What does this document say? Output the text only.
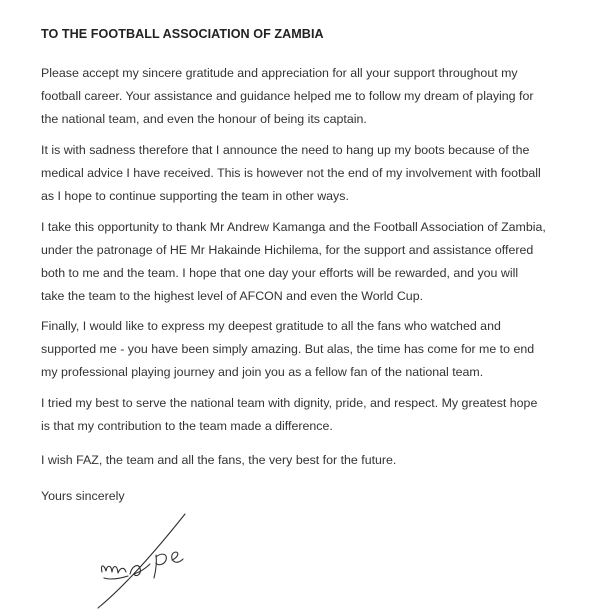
TO THE FOOTBALL ASSOCIATION OF ZAMBIA
Please accept my sincere gratitude and appreciation for all your support throughout my
football career. Your assistance and guidance helped me to follow my dream of playing for
the national team, and even the honour of being its captain.
It is with sadness therefore that I announce the need to hang up my boots because of the
medical advice I have received. This is however not the end of my involvement with football
as I hope to continue supporting the team in other ways.
I take this opportunity to thank Mr Andrew Kamanga and the Football Association of Zambia,
under the patronage of HE Mr Hakainde Hichilema, for the support and assistance offered
both to me and the team. I hope that one day your efforts will be rewarded, and you will
take the team to the highest level of AFCON and even the World Cup.
Finally, I would like to express my deepest gratitude to all the fans who watched and
supported me - you have been simply amazing. But alas, the time has come for me to end
my professional playing journey and join you as a fellow fan of the national team.
I tried my best to serve the national team with dignity, pride, and respect. My greatest hope
is that my contribution to the team made a difference.
I wish FAZ, the team and all the fans, the very best for the future.
Yours sincerely
